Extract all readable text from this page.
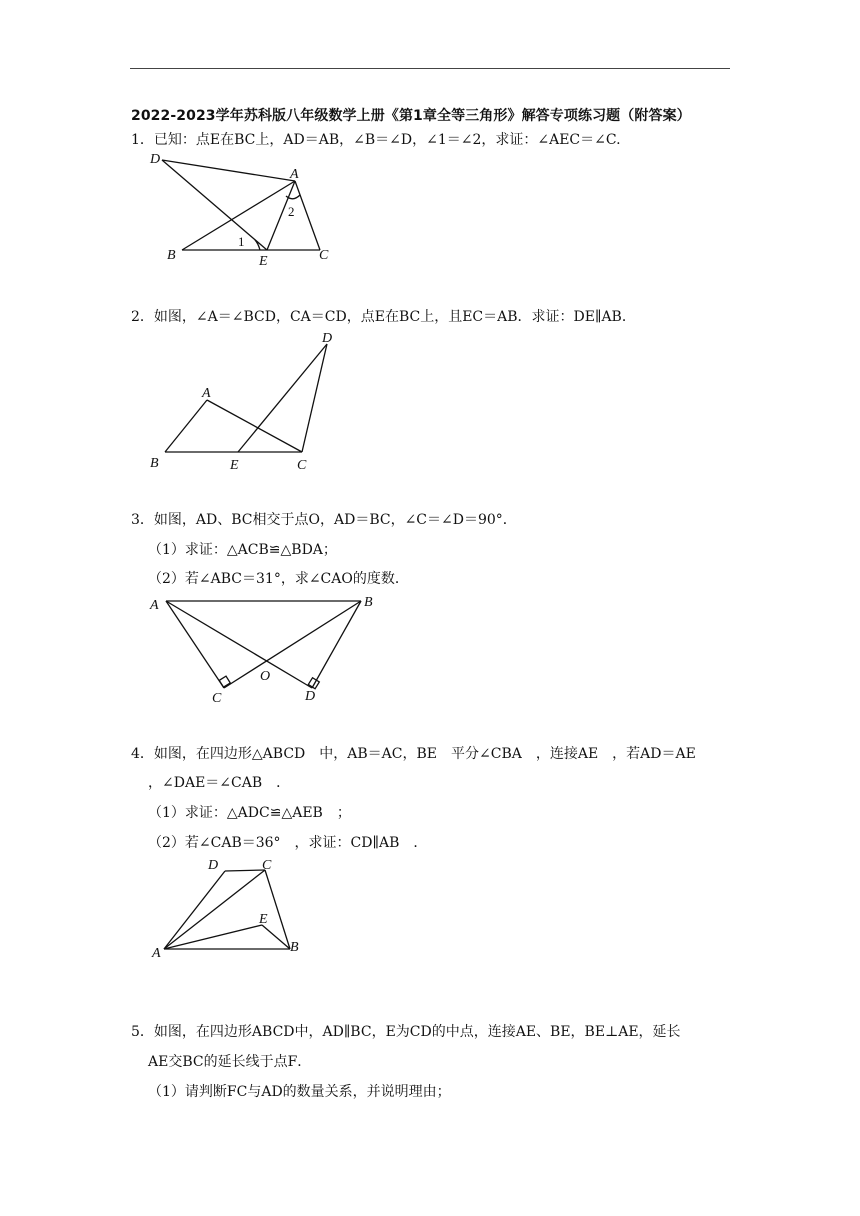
2022-2023学年苏科版八年级数学上册《第1章全等三角形》解答专项练习题（附答案）
1．已知：点E在BC上，AD＝AB，∠B＝∠D，∠1＝∠2，求证：∠AEC＝∠C.
D
A
B	E	C
1
2
2．如图，∠A＝∠BCD，CA＝CD，点E在BC上，且EC＝AB．求证：DE∥AB．
A
B	C
D
E
3．如图，AD、BC相交于点O，AD＝BC，∠C＝∠D＝90°．
（1）求证：△ACB≌△BDA；
（2）若∠ABC＝31°，求∠CAO的度数．
A	B
C	D
O
4．如图，在四边形△ABCD　中，AB＝AC，BE　平分∠CBA　，连接AE　，若AD＝AE
，∠DAE＝∠CAB　．
（1）求证：△ADC≌△AEB　；
（2）若∠CAB＝36°　，求证：CD∥AB　．
A	B
C
D
E
5．如图，在四边形ABCD中，AD∥BC，E为CD的中点，连接AE、BE，BE⊥AE，延长
AE交BC的延长线于点F．
（1）请判断FC与AD的数量关系，并说明理由；
